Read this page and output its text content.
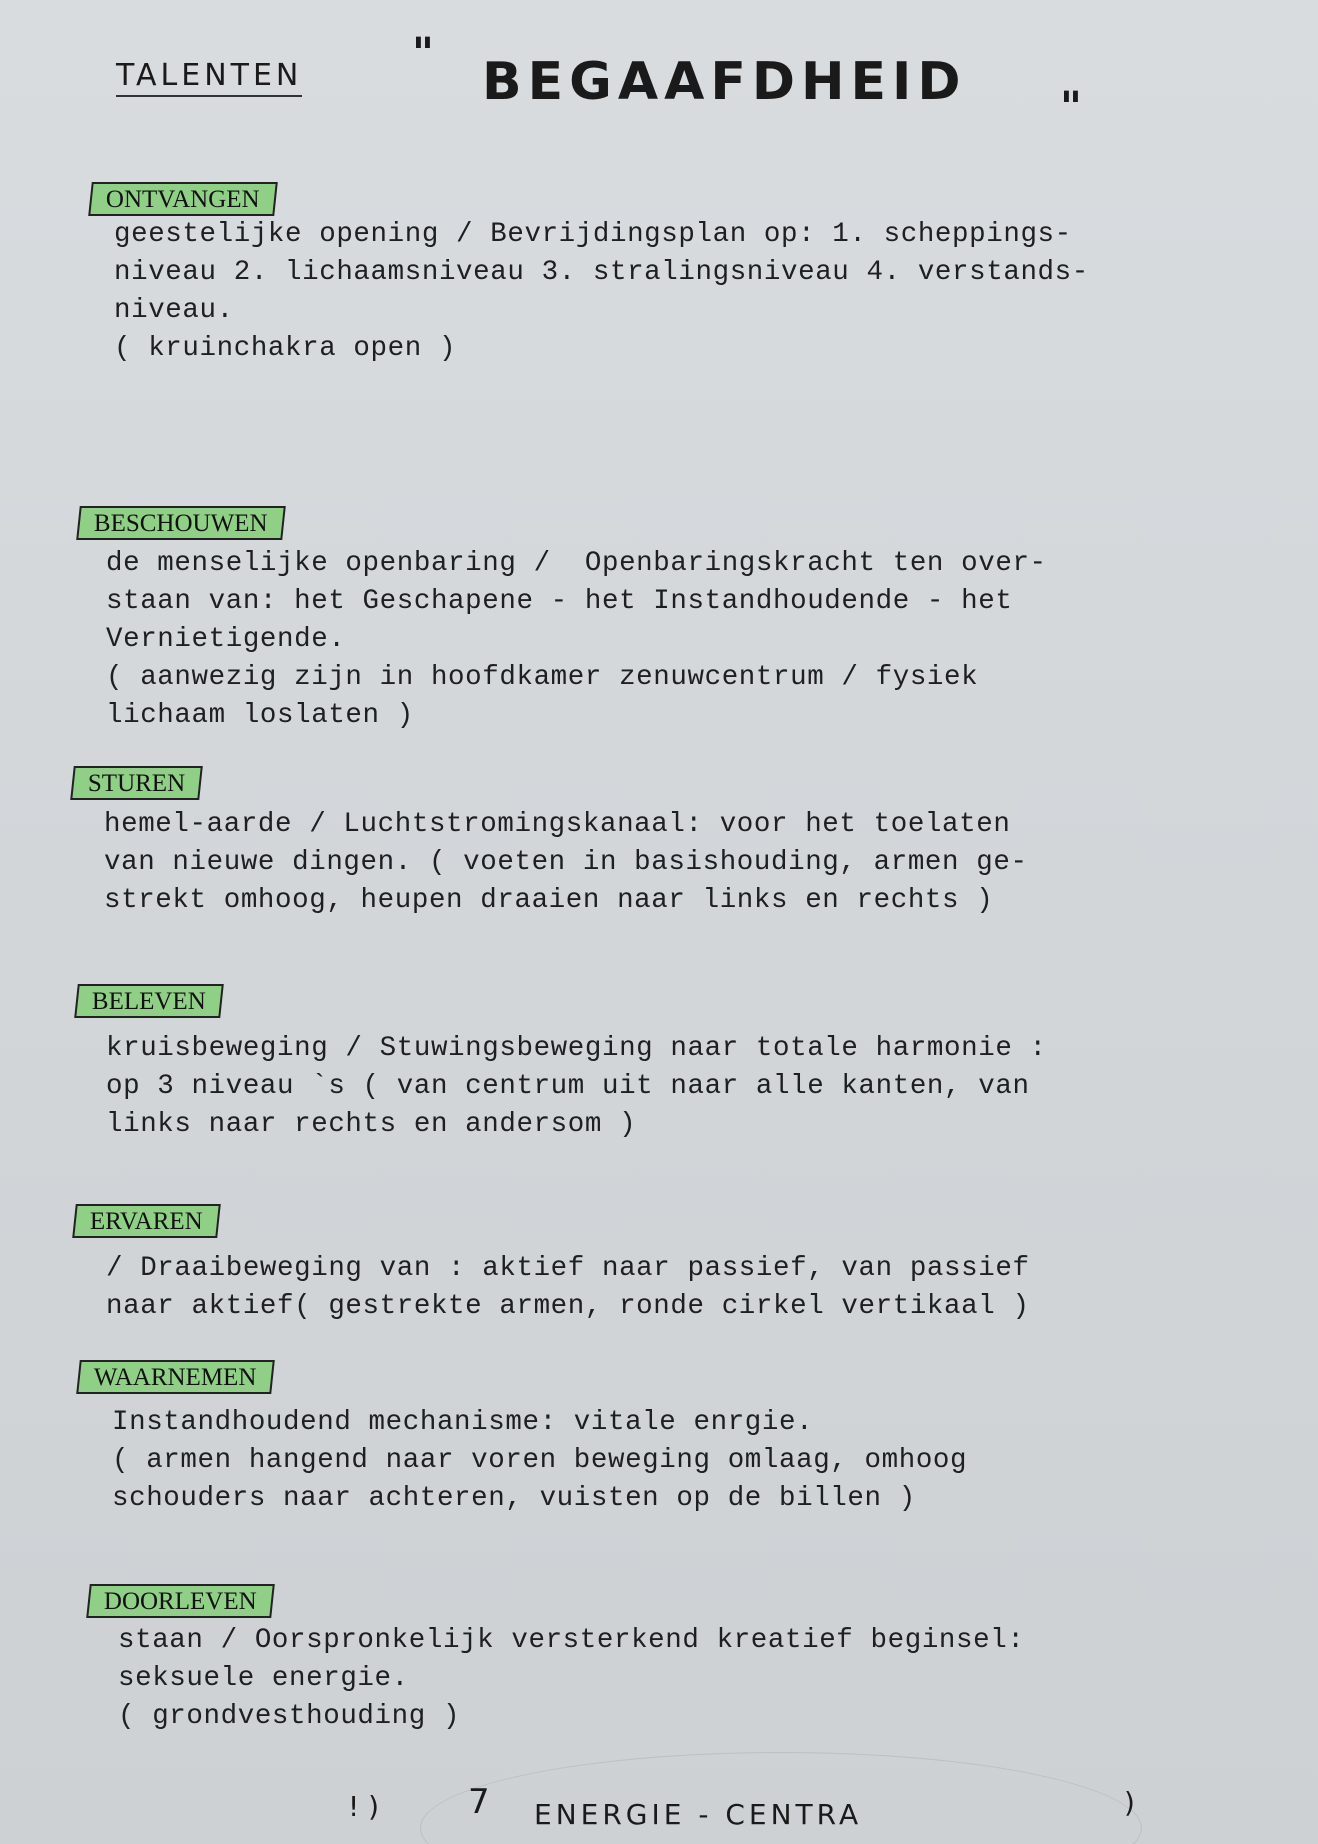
TALENTEN	" BEGAAFDHEID "
ONTVANGEN
geestelijke opening / Bevrijdingsplan op: 1. scheppings-
niveau 2. lichaamsniveau 3. stralingsniveau 4. verstands-
niveau.
( kruinchakra open )
BESCHOUWEN
de menselijke openbaring /  Openbaringskracht ten over-
staan van: het Geschapene - het Instandhoudende - het
Vernietigende.
( aanwezig zijn in hoofdkamer zenuwcentrum / fysiek
lichaam loslaten )
STUREN
hemel-aarde / Luchtstromingskanaal: voor het toelaten
van nieuwe dingen. ( voeten in basishouding, armen ge-
strekt omhoog, heupen draaien naar links en rechts )
BELEVEN
kruisbeweging / Stuwingsbeweging naar totale harmonie :
op 3 niveau `s ( van centrum uit naar alle kanten, van
links naar rechts en andersom )
ERVAREN
/ Draaibeweging van : aktief naar passief, van passief
naar aktief( gestrekte armen, ronde cirkel vertikaal )
WAARNEMEN
Instandhoudend mechanisme: vitale enrgie.
( armen hangend naar voren beweging omlaag, omhoog
schouders naar achteren, vuisten op de billen )
DOORLEVEN
staan / Oorspronkelijk versterkend kreatief beginsel:
seksuele energie.
( grondvesthouding )
! )	7 ENERGIE - CENTRA	)
